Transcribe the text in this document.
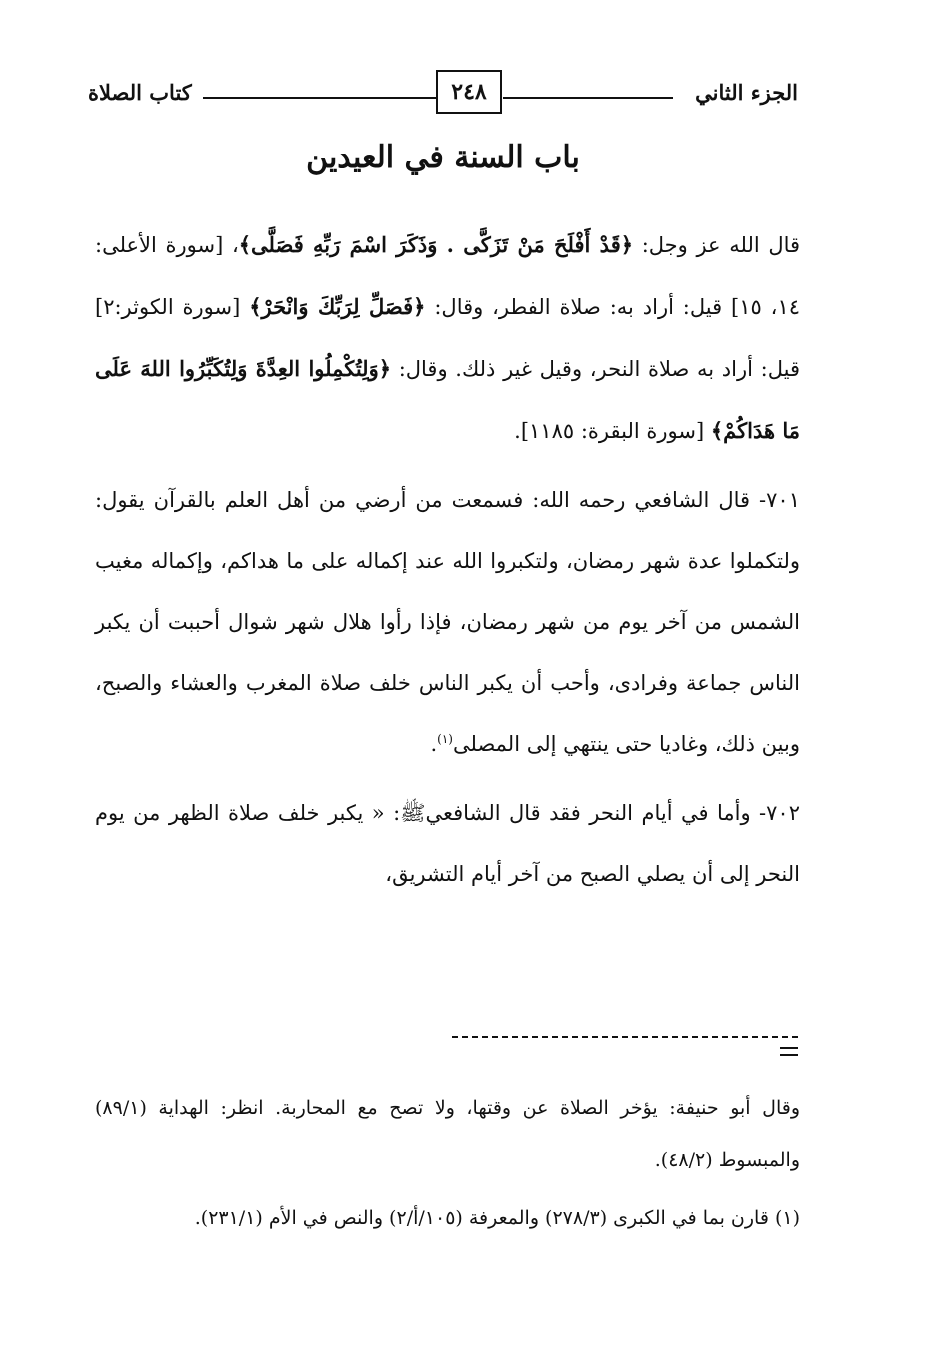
الجزء الثاني
٢٤٨
كتاب الصلاة
باب السنة في العيدين

قال الله عز وجل: ﴿قَدْ أَفْلَحَ مَنْ تَزَكَّى . وَذَكَرَ اسْمَ رَبِّهِ فَصَلَّى﴾، [سورة الأعلى: ١٤، ١٥] قيل: أراد به: صلاة الفطر، وقال: ﴿فَصَلِّ لِرَبِّكَ وَانْحَرْ﴾ [سورة الكوثر:٢] قيل: أراد به صلاة النحر، وقيل غير ذلك. وقال: ﴿وَلِتُكْمِلُوا العِدَّةَ وَلِتُكَبِّرُوا اللهَ عَلَى مَا هَدَاكُمْ﴾ [سورة البقرة: ١١٨٥].

٧٠١- قال الشافعي رحمه الله: فسمعت من أرضي من أهل العلم بالقرآن يقول: ولتكملوا عدة شهر رمضان، ولتكبروا الله عند إكماله على ما هداكم، وإكماله مغيب الشمس من آخر يوم من شهر رمضان، فإذا رأوا هلال شهر شوال أحببت أن يكبر الناس جماعة وفرادى، وأحب أن يكبر الناس خلف صلاة المغرب والعشاء والصبح، وبين ذلك، وغاديا حتى ينتهي إلى المصلى$^{(١)}$.

٧٠٢- وأما في أيام النحر فقد قال الشافعيﷺ: « يكبر خلف صلاة الظهر من يوم النحر إلى أن يصلي الصبح من آخر أيام التشريق،

وقال أبو حنيفة: يؤخر الصلاة عن وقتها، ولا تصح مع المحاربة. انظر: الهداية (٨٩/١) والمبسوط (٤٨/٢).

(١) قارن بما في الكبرى (٢٧٨/٣) والمعرفة (١٠٥/أ/٢) والنص في الأم (٢٣١/١).
